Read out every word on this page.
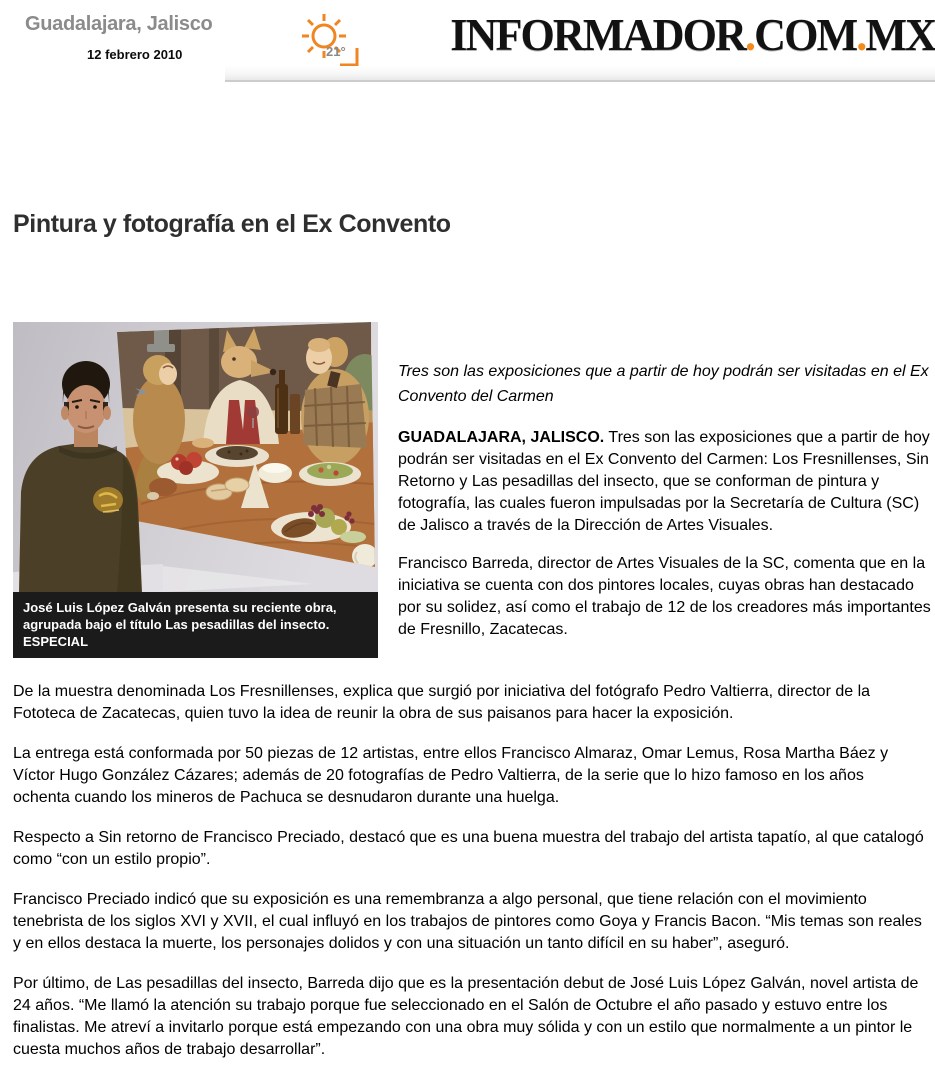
Guadalajara, Jalisco
12 febrero 2010	21° INFORMADOR.COM.MX
Pintura y fotografía en el Ex Convento
José Luis López Galván presenta su reciente obra, agrupada bajo el título Las pesadillas del insecto.
ESPECIAL

Tres son las exposiciones que a partir de hoy podrán ser visitadas en el Ex Convento del Carmen

GUADALAJARA, JALISCO. Tres son las exposiciones que a partir de hoy podrán ser visitadas en el Ex Convento del Carmen: Los Fresnillenses, Sin Retorno y Las pesadillas del insecto, que se conforman de pintura y fotografía, las cuales fueron impulsadas por la Secretaría de Cultura (SC) de Jalisco a través de la Dirección de Artes Visuales.

Francisco Barreda, director de Artes Visuales de la SC, comenta que en la iniciativa se cuenta con dos pintores locales, cuyas obras han destacado por su solidez, así como el trabajo de 12 de los creadores más importantes de Fresnillo, Zacatecas.

De la muestra denominada Los Fresnillenses, explica que surgió por iniciativa del fotógrafo Pedro Valtierra, director de la Fototeca de Zacatecas, quien tuvo la idea de reunir la obra de sus paisanos para hacer la exposición.

La entrega está conformada por 50 piezas de 12 artistas, entre ellos Francisco Almaraz, Omar Lemus, Rosa Martha Báez y Víctor Hugo González Cázares; además de 20 fotografías de Pedro Valtierra, de la serie que lo hizo famoso en los años ochenta cuando los mineros de Pachuca se desnudaron durante una huelga.

Respecto a Sin retorno de Francisco Preciado, destacó que es una buena muestra del trabajo del artista tapatío, al que catalogó como “con un estilo propio”.

Francisco Preciado indicó que su exposición es una remembranza a algo personal, que tiene relación con el movimiento tenebrista de los siglos XVI y XVII, el cual influyó en los trabajos de pintores como Goya y Francis Bacon. “Mis temas son reales y en ellos destaca la muerte, los personajes dolidos y con una situación un tanto difícil en su haber”, aseguró.

Por último, de Las pesadillas del insecto, Barreda dijo que es la presentación debut de José Luis López Galván, novel artista de 24 años. “Me llamó la atención su trabajo porque fue seleccionado en el Salón de Octubre el año pasado y estuvo entre los finalistas. Me atreví a invitarlo porque está empezando con una obra muy sólida y con un estilo que normalmente a un pintor le cuesta muchos años de trabajo desarrollar”.
